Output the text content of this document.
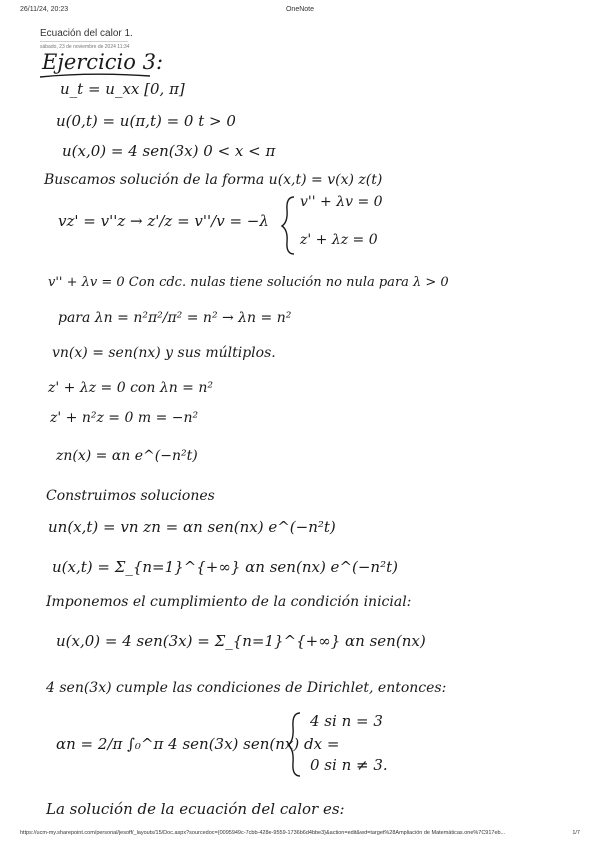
26/11/24, 20:23	OneNote
Ecuación del calor 1.
sábado, 23 de noviembre de 2024 11:34
Ejercicio 3:
u_t = u_xx [0, π]
u(0,t) = u(π,t) = 0 t > 0
u(x,0) = 4 sen(3x) 0 < x < π
Buscamos solución de la forma u(x,t) = v(x) z(t)
vz' = v''z → z'/z = v''/v = −λ
v'' + λv = 0
z' + λz = 0
v'' + λv = 0 Con cdc. nulas tiene solución no nula para λ > 0
para λn = n²π²/π² = n² → λn = n²
vn(x) = sen(nx) y sus múltiplos.
z' + λz = 0 con λn = n²
z' + n²z = 0 m = −n²
zn(x) = αn e^(−n²t)
Construimos soluciones
un(x,t) = vn zn = αn sen(nx) e^(−n²t)
u(x,t) = Σ_{n=1}^{+∞} αn sen(nx) e^(−n²t)
Imponemos el cumplimiento de la condición inicial:
u(x,0) = 4 sen(3x) = Σ_{n=1}^{+∞} αn sen(nx)
4 sen(3x) cumple las condiciones de Dirichlet, entonces:
αn = 2/π ∫₀^π 4 sen(3x) sen(nx) dx =
4 si n = 3
0 si n ≠ 3.
La solución de la ecuación del calor es:
https://ucm-my.sharepoint.com/personal/jesoff/_layouts/15/Doc.aspx?sourcedoc={0095949c-7cbb-428e-9559-1736b6d4bbe3}&action=edit&wd=target%28Ampliación de Matemáticas.one%7C917eb...	1/7
